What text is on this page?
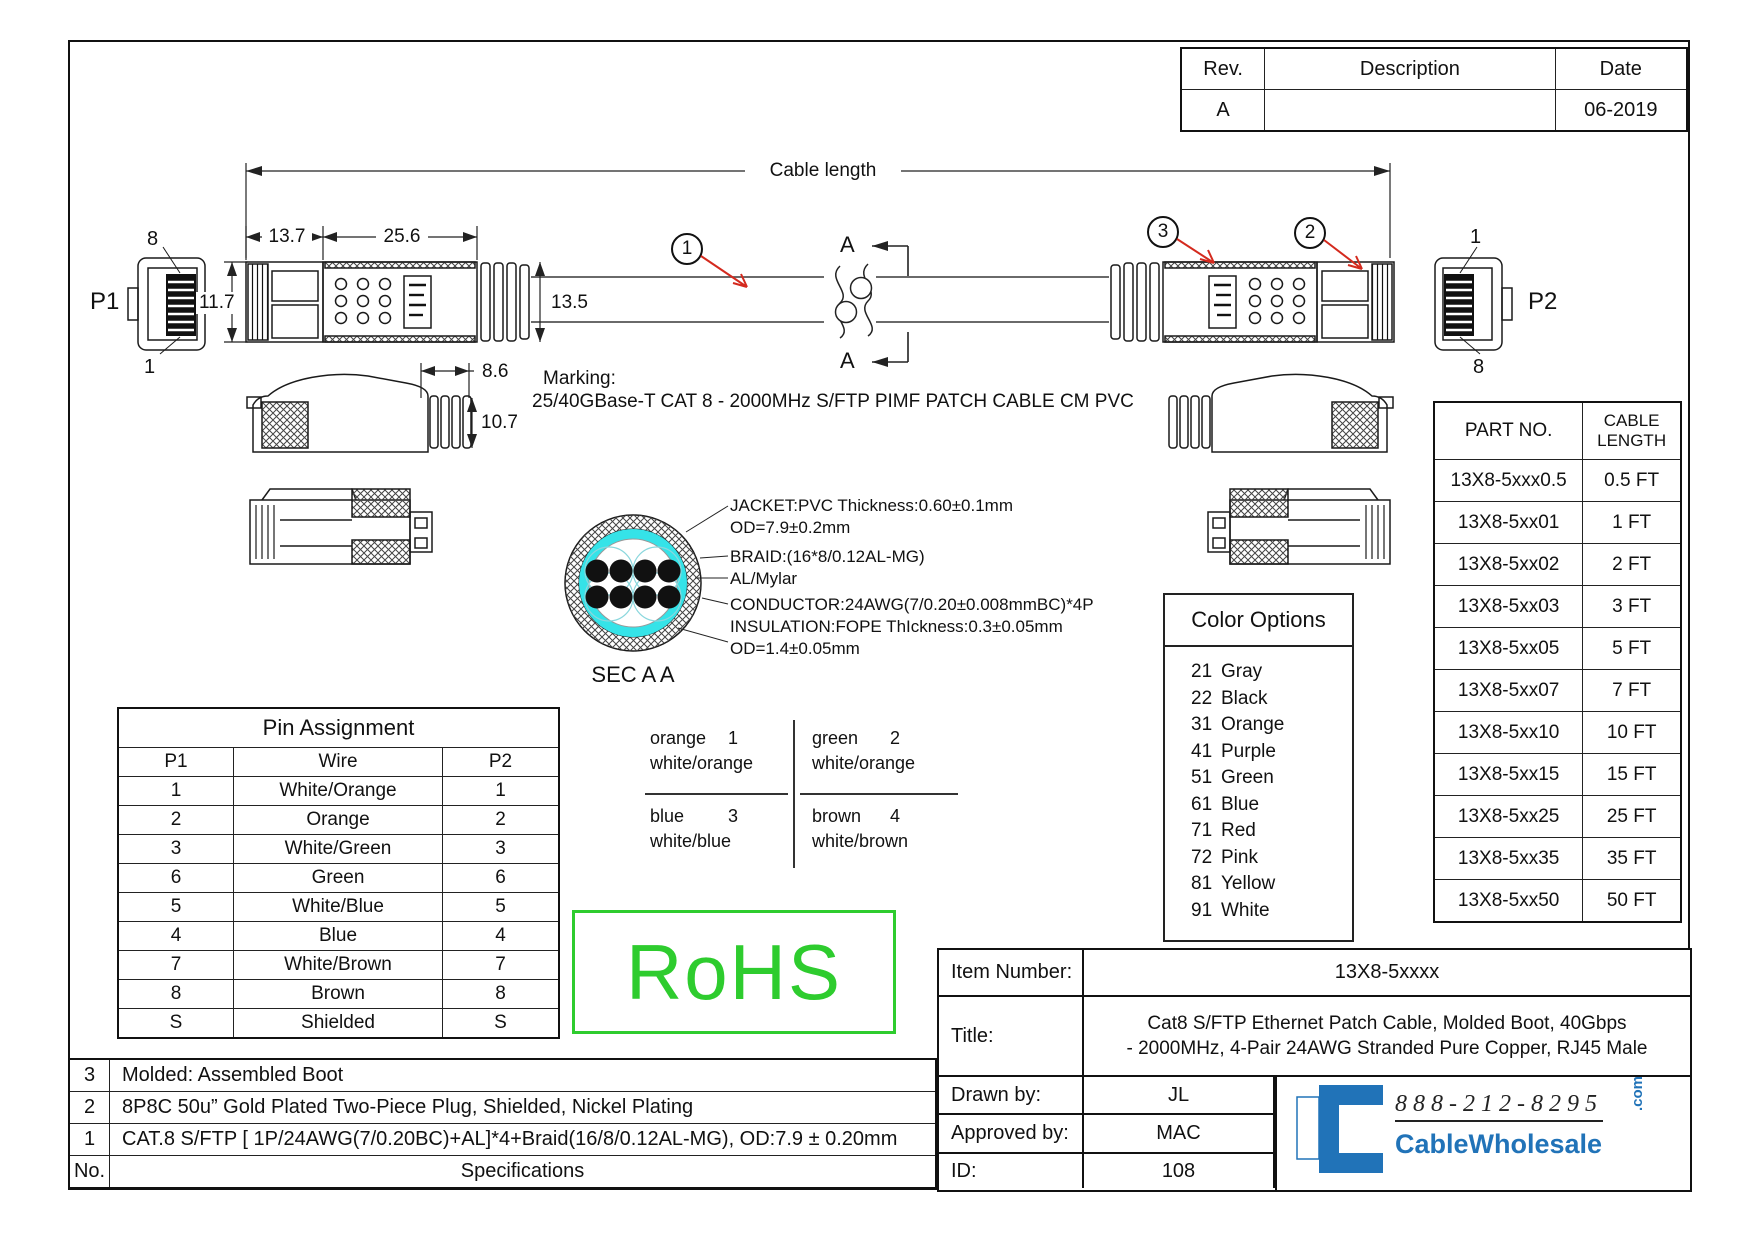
Cable length
8
1
P1
1
8
P2
13.7	25.6
11.7	13.5
8.6
10.7
1
3	2
A
A
Marking:
25/40GBase-T CAT 8 - 2000MHz S/FTP PIMF PATCH CABLE CM PVC
SEC A A
JACKET:PVC Thickness:0.60±0.1mm
OD=7.9±0.2mm
BRAID:(16*8/0.12AL-MG)
AL/Mylar
CONDUCTOR:24AWG(7/0.20±0.008mmBC)*4P
INSULATION:FOPE ThIckness:0.3±0.05mm
OD=1.4±0.05mm
orange	1
white/orange
green	2
white/orange
blue	3
white/blue
brown	4
white/brown
Rev.	Description	Date
A		06-2019
Pin Assignment		
P1	Wire	P2
1	White/Orange	1
2	Orange	2
3	White/Green	3
6	Green	6
5	White/Blue	5
4	Blue	4
7	White/Brown	7
8	Brown	8
S	Shielded	S
Color Options
21 Gray
22 Black
31 Orange
41 Purple
51 Green
61 Blue
71 Red
72 Pink
81 Yellow
91 White
PART NO.	CABLE
LENGTH

13X8-5xxx0.5	0.5 FT
13X8-5xx01	1 FT
13X8-5xx02	2 FT
13X8-5xx03	3 FT
13X8-5xx05	5 FT
13X8-5xx07	7 FT
13X8-5xx10	10 FT
13X8-5xx15	15 FT
13X8-5xx25	25 FT
13X8-5xx35	35 FT
13X8-5xx50	50 FT
RoHS	Item Number:	13X8-5xxxx
Title:
Cat8 S/FTP Ethernet Patch Cable, Molded Boot, 40Gbps
- 2000MHz, 4-Pair 24AWG Stranded Pure Copper, RJ45 Male
Drawn by:	JL
Approved by:	MAC
ID:	108
888-212-8295
CableWholesale
.com
3	Molded: Assembled Boot
2	8P8C 50u” Gold Plated Two-Piece Plug, Shielded, Nickel Plating
1	CAT.8 S/FTP [ 1P/24AWG(7/0.20BC)+AL]*4+Braid(16/8/0.12AL-MG), OD:7.9 ± 0.20mm
No.	Specifications
